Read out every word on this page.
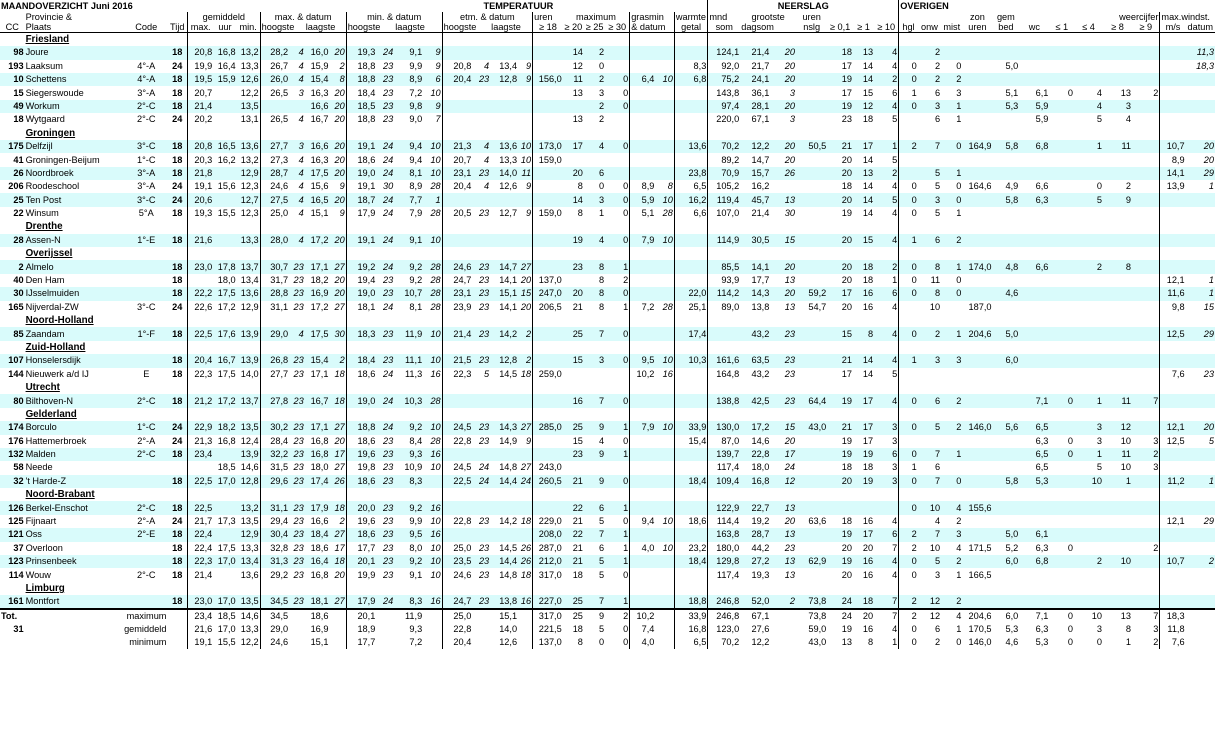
MAANDOVERZICHT Juni 2016										TEMPERATUUR																NEERSLAG							OVERIGEN											
	Provincie &			gemiddeld			max. & datum				min. & datum				etm. & datum				uren	maximum			grasmin		warmte	mnd	grootste		uren							zon	gem		weercijfer				max.windst.	
CC	Plaats	Code	Tijd	max.	uur	min.	hoogste		laagste		hoogste		laagste		hoogste		laagste		≥ 18	≥ 20	≥ 25	≥ 30	& datum		getal	som	dagsom		nslg	≥ 0,1	≥ 1	≥ 10	hgl	onw	mist	uren	bed	wc	≤ 1	≤ 4	≥ 8	≥ 9	m/s	datum
	Friesland																																											
98	Joure		18	20,8	16,8	13,2	28,2	4	16,0	20	19,3	24	9,1	9						14	2					124,1	21,4	20		18	13	4		2										11,3
193	Laaksum	4°-A	24	19,9	16,4	13,3	26,7	4	15,9	2	18,8	23	9,9	9	20,8	4	13,4	9		12	0				8,3	92,0	21,7	20		17	14	4	0	2	0		5,0							18,3
10	Schettens	4°-A	18	19,5	15,9	12,6	26,0	4	15,4	8	18,8	23	8,9	6	20,4	23	12,8	9	156,0	11	2	0	6,4	10	6,8	75,2	24,1	20		19	14	2	0	2	2									
15	Siegerswoude	3°-A	18	20,7		12,2	26,5	3	16,3	20	18,4	23	7,2	10						13	3	0				143,8	36,1	3		17	15	6	1	6	3		5,1	6,1	0	4	13	2		
49	Workum	2°-C	18	21,4		13,5			16,6	20	18,5	23	9,8	9							2	0				97,4	28,1	20		19	12	4	0	3	1		5,3	5,9		4	3			
18	Wytgaard	2°-C	24	20,2		13,1	26,5	4	16,7	20	18,8	23	9,0	7						13	2					220,0	67,1	3		23	18	5		6	1			5,9		5	4			
	Groningen																																											
175	Delfzijl	3°-C	18	20,8	16,5	13,6	27,7	3	16,6	20	19,1	24	9,4	10	21,3	4	13,6	10	173,0	17	4	0			13,6	70,2	12,2	20	50,5	21	17	1	2	7	0	164,9	5,8	6,8		1	11		10,7	20
41	Groningen-Beijum	1°-C	18	20,3	16,2	13,2	27,3	4	16,3	20	18,6	24	9,4	10	20,7	4	13,3	10	159,0							89,2	14,7	20		20	14	5											8,9	20
26	Noordbroek	3°-A	18	21,8		12,9	28,7	4	17,5	20	19,0	24	8,1	10	23,1	23	14,0	11		20	6				23,8	70,9	15,7	26		20	13	2		5	1								14,1	29
206	Roodeschool	3°-A	24	19,1	15,6	12,3	24,6	4	15,6	9	19,1	30	8,9	28	20,4	4	12,6	9		8	0	0	8,9	8	6,5	105,2	16,2			18	14	4	0	5	0	164,6	4,9	6,6		0	2		13,9	1
25	Ten Post	3°-C	24	20,6		12,7	27,5	4	16,5	20	18,7	24	7,7	1						14	3	0	5,9	10	16,2	119,4	45,7	13		20	14	5	0	3	0		5,8	6,3		5	9			
22	Winsum	5°A	18	19,3	15,5	12,3	25,0	4	15,1	9	17,9	24	7,9	28	20,5	23	12,7	9	159,0	8	1	0	5,1	28	6,6	107,0	21,4	30		19	14	4	0	5	1									
	Drenthe																																											
28	Assen-N	1°-E	18	21,6		13,3	28,0	4	17,2	20	19,1	24	9,1	10						19	4	0	7,9	10		114,9	30,5	15		20	15	4	1	6	2									
	Overijssel																																											
2	Almelo		18	23,0	17,8	13,7	30,7	23	17,1	27	19,2	24	9,2	28	24,6	23	14,7	27		23	8	1				85,5	14,1	20		20	18	2	0	8	1	174,0	4,8	6,6		2	8			
40	Den Ham		18		18,0	13,4	31,7	23	18,2	20	19,4	23	9,2	28	24,7	23	14,1	20	137,0		8	2				93,9	17,7	13		20	18	1	0	11	0								12,1	1
30	IJsselmuiden		18	22,2	17,5	13,6	28,8	23	16,9	20	19,0	23	10,7	28	23,1	23	15,1	15	247,0	20	8	0			22,0	114,2	14,3	20	59,2	17	16	6	0	8	0		4,6						11,6	1
165	Nijverdal-ZW	3°-C	24	22,6	17,2	12,9	31,1	23	17,2	27	18,1	24	8,1	28	23,9	23	14,1	20	206,5	21	8	1	7,2	28	25,1	89,0	13,8	13	54,7	20	16	4		10		187,0							9,8	15
	Noord-Holland																																											
85	Zaandam	1°-F	18	22,5	17,6	13,9	29,0	4	17,5	30	18,3	23	11,9	10	21,4	23	14,2	2		25	7	0			17,4		43,2	23		15	8	4	0	2	1	204,6	5,0						12,5	29
	Zuid-Holland																																											
107	Honselersdijk		18	20,4	16,7	13,9	26,8	23	15,4	2	18,4	23	11,1	10	21,5	23	12,8	2		15	3	0	9,5	10	10,3	161,6	63,5	23		21	14	4	1	3	3		6,0							
144	Nieuwerk a/d IJ	E	18	22,3	17,5	14,0	27,7	23	17,1	18	18,6	24	11,3	16	22,3	5	14,5	18	259,0				10,2	16		164,8	43,2	23		17	14	5											7,6	23
	Utrecht																																											
80	Bilthoven-N	2°-C	18	21,2	17,2	13,7	27,8	23	16,7	18	19,0	24	10,3	28						16	7	0				138,8	42,5	23	64,4	19	17	4	0	6	2			7,1	0	1	11	7		
	Gelderland																																											
174	Borculo	1°-C	24	22,9	18,2	13,5	30,2	23	17,1	27	18,8	24	9,2	10	24,5	23	14,3	27	285,0	25	9	1	7,9	10	33,9	130,0	17,2	15	43,0	21	17	3	0	5	2	146,0	5,6	6,5		3	12		12,1	20
176	Hattemerbroek	2°-A	24	21,3	16,8	12,4	28,4	23	16,8	20	18,6	23	8,4	28	22,8	23	14,9	9		15	4	0			15,4	87,0	14,6	20		19	17	3						6,3	0	3	10	3	12,5	5
132	Malden	2°-C	18	23,4		13,9	32,2	23	16,8	17	19,6	23	9,3	16						23	9	1				139,7	22,8	17		19	19	6	0	7	1			6,5	0	1	11	2		
58	Neede				18,5	14,6	31,5	23	18,0	27	19,8	23	10,9	10	24,5	24	14,8	27	243,0							117,4	18,0	24		18	18	3	1	6				6,5		5	10	3		
32	't Harde-Z		18	22,5	17,0	12,8	29,6	23	17,4	26	18,6	23	8,3		22,5	24	14,4	24	260,5	21	9	0			18,4	109,4	16,8	12		20	19	3	0	7	0		5,8	5,3		10	1		11,2	1
	Noord-Brabant																																											
126	Berkel-Enschot	2°-C	18	22,5		13,2	31,1	23	17,9	18	20,0	23	9,2	16						22	6	1				122,9	22,7	13					0	10	4	155,6								
125	Fijnaart	2°-A	24	21,7	17,3	13,5	29,4	23	16,6	2	19,6	23	9,9	10	22,8	23	14,2	18	229,0	21	5	0	9,4	10	18,6	114,4	19,2	20	63,6	18	16	4		4	2								12,1	29
121	Oss	2°-E	18	22,4		12,9	30,4	23	18,4	27	18,6	23	9,5	16					208,0	22	7	1				163,8	28,7	13		19	17	6	2	7	3		5,0	6,1						
37	Overloon		18	22,4	17,5	13,3	32,8	23	18,6	17	17,7	23	8,0	10	25,0	23	14,5	26	287,0	21	6	1	4,0	10	23,2	180,0	44,2	23		20	20	7	2	10	4	171,5	5,2	6,3	0			2		
123	Prinsenbeek		18	22,3	17,0	13,4	31,3	23	16,4	18	20,1	23	9,2	10	23,5	23	14,4	26	212,0	21	5	1			18,4	129,8	27,2	13	62,9	19	16	4	0	5	2		6,0	6,8		2	10		10,7	2
114	Wouw	2°-C	18	21,4		13,6	29,2	23	16,8	20	19,9	23	9,1	10	24,6	23	14,8	18	317,0	18	5	0				117,4	19,3	13		20	16	4	0	3	1	166,5								
	Limburg																																											
161	Montfort		18	23,0	17,0	13,5	34,5	23	18,1	27	17,9	24	8,3	16	24,7	23	13,8	16	227,0	25	7	1			18,8	246,8	52,0	2	73,8	24	18	7	2	12	2									
Tot.	maximum			23,4	18,5	14,6	34,5		18,6		20,1		11,9		25,0		15,1		317,0	25	9	2	10,2		33,9	246,8	67,1		73,8	24	20	7	2	12	4	204,6	6,0	7,1	0	10	13	7	18,3	
31	gemiddeld			21,6	17,0	13,3	29,0		16,9		18,9		9,3		22,8		14,0		221,5	18	5	0	7,4		16,8	123,0	27,6		59,0	19	16	4	0	6	1	170,5	5,3	6,3	0	3	8	3	11,8	
	minimum			19,1	15,5	12,2	24,6		15,1		17,7		7,2		20,4		12,6		137,0	8	0	0	4,0		6,5	70,2	12,2		43,0	13	8	1	0	2	0	146,0	4,6	5,3	0	0	1	2	7,6	
